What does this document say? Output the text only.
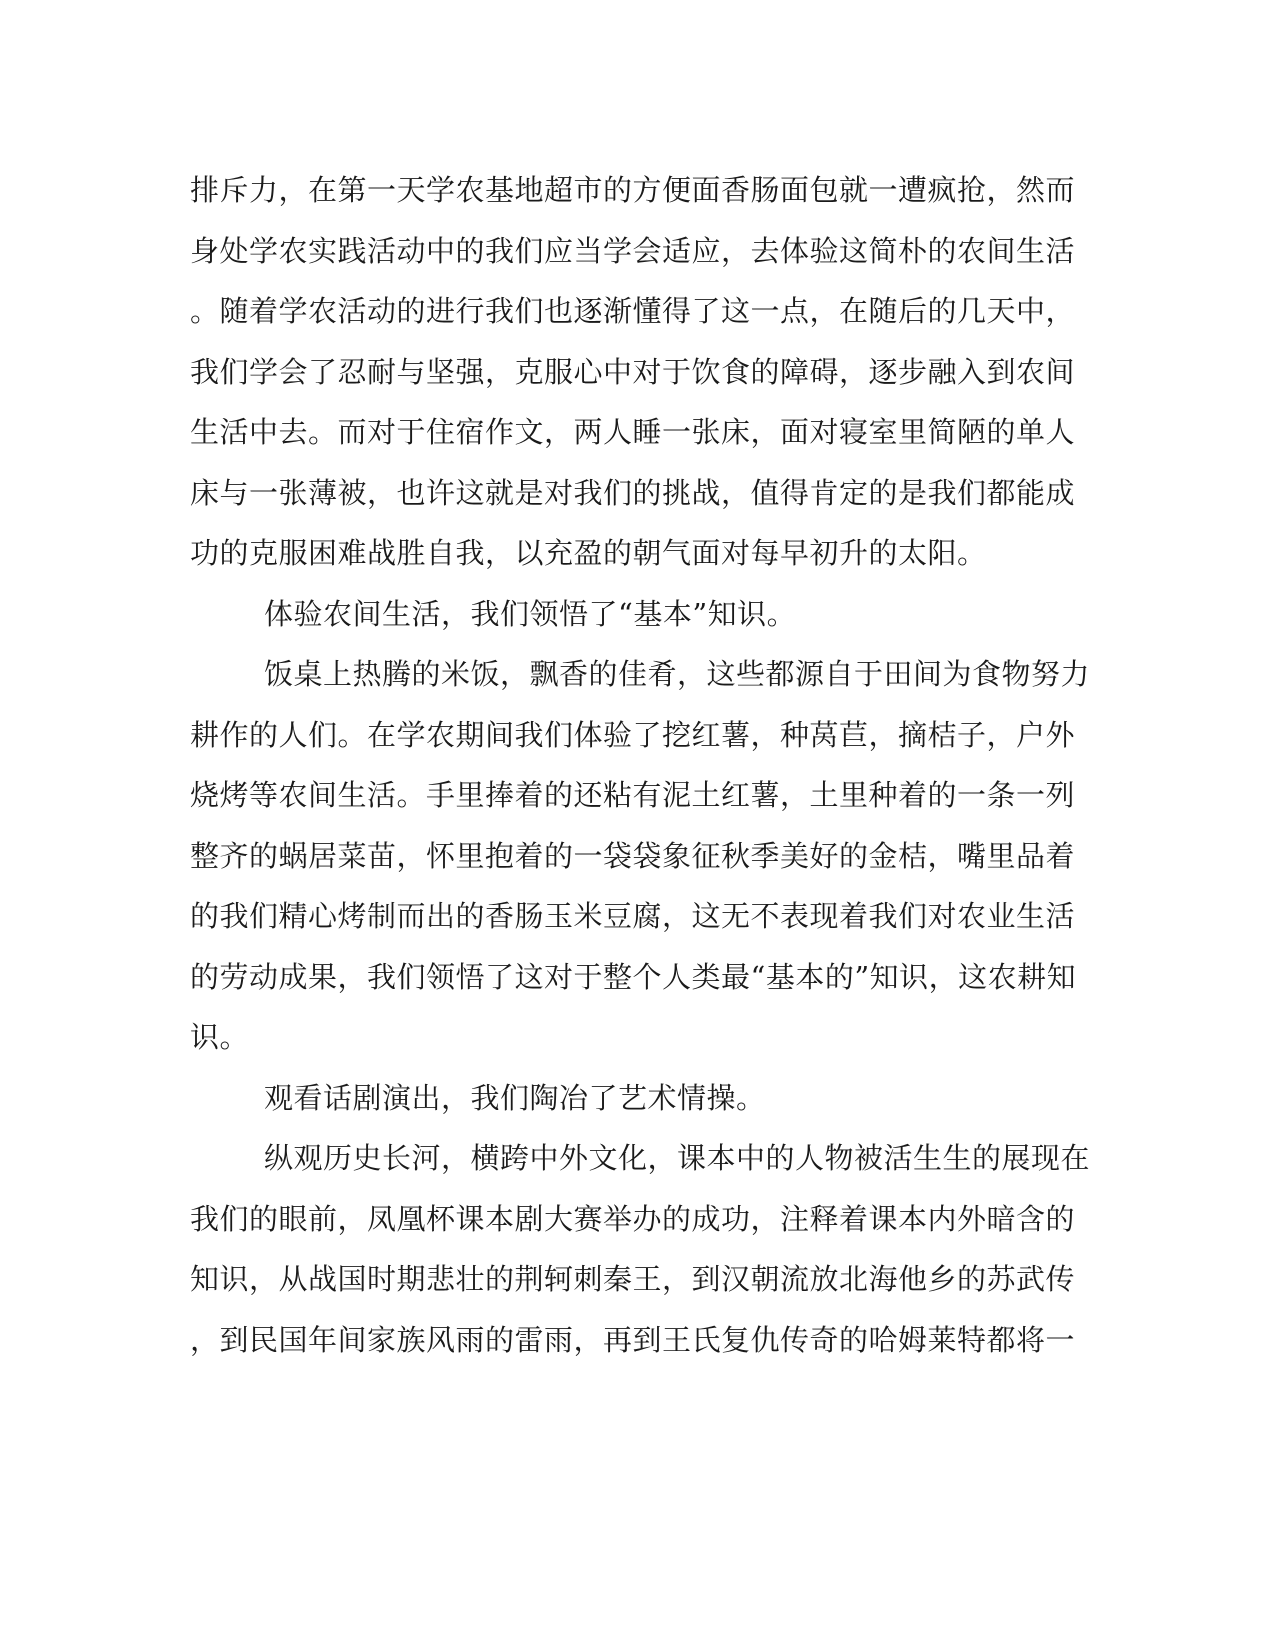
排斥力，在第一天学农基地超市的方便面香肠面包就一遭疯抢，然而
身处学农实践活动中的我们应当学会适应，去体验这简朴的农间生活
。随着学农活动的进行我们也逐渐懂得了这一点，在随后的几天中，
我们学会了忍耐与坚强，克服心中对于饮食的障碍，逐步融入到农间
生活中去。而对于住宿作文，两人睡一张床，面对寝室里简陋的单人
床与一张薄被，也许这就是对我们的挑战，值得肯定的是我们都能成
功的克服困难战胜自我，以充盈的朝气面对每早初升的太阳。
体验农间生活，我们领悟了“基本”知识。
饭桌上热腾的米饭，飘香的佳肴，这些都源自于田间为食物努力
耕作的人们。在学农期间我们体验了挖红薯，种莴苣，摘桔子，户外
烧烤等农间生活。手里捧着的还粘有泥土红薯，土里种着的一条一列
整齐的蜗居菜苗，怀里抱着的一袋袋象征秋季美好的金桔，嘴里品着
的我们精心烤制而出的香肠玉米豆腐，这无不表现着我们对农业生活
的劳动成果，我们领悟了这对于整个人类最“基本的”知识，这农耕知
识。
观看话剧演出，我们陶冶了艺术情操。
纵观历史长河，横跨中外文化，课本中的人物被活生生的展现在
我们的眼前，凤凰杯课本剧大赛举办的成功，注释着课本内外暗含的
知识，从战国时期悲壮的荆轲刺秦王，到汉朝流放北海他乡的苏武传
，到民国年间家族风雨的雷雨，再到王氏复仇传奇的哈姆莱特都将一
